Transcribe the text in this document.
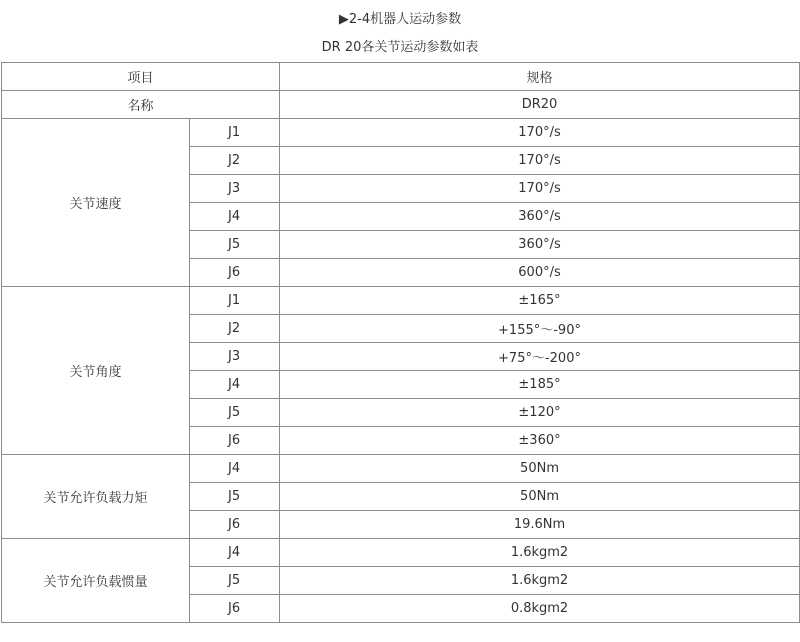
▶2-4机器人运动参数
DR 20各关节运动参数如表
项目		规格
名称		DR20
关节速度	J1	170°/s
	J2	170°/s
	J3	170°/s
	J4	360°/s
	J5	360°/s
	J6	600°/s
关节角度	J1	±165°
	J2	+155°～-90°
	J3	+75°～-200°
	J4	±185°
	J5	±120°
	J6	±360°
关节允许负载力矩	J4	50Nm
	J5	50Nm
	J6	19.6Nm
关节允许负载惯量	J4	1.6kgm2
	J5	1.6kgm2
	J6	0.8kgm2
